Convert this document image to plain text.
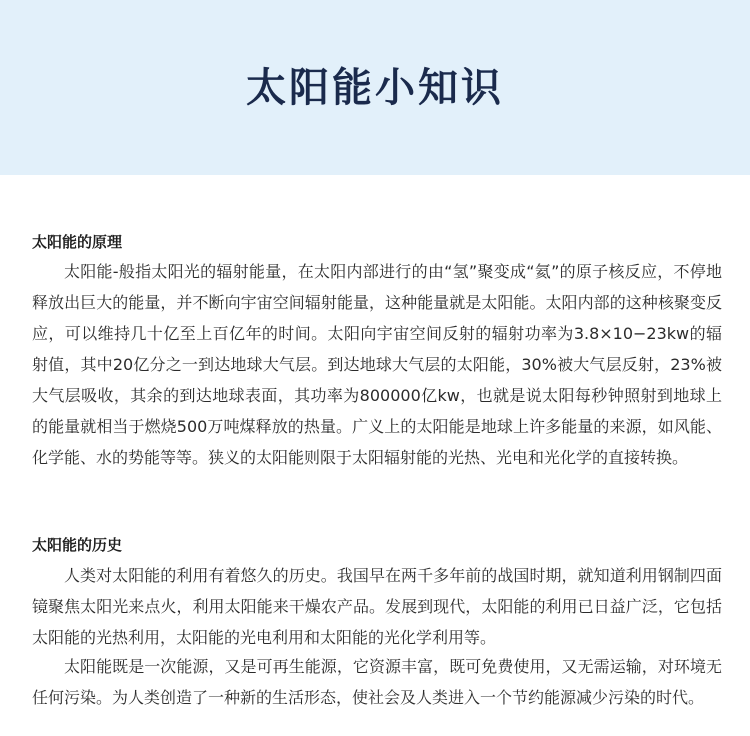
太阳能小知识
太阳能的原理

太阳能-般指太阳光的辐射能量，在太阳内部进行的由“氢”聚变成“氦”的原子核反应，不停地释放出巨大的能量，并不断向宇宙空间辐射能量，这种能量就是太阳能。太阳内部的这种核聚变反应，可以维持几十亿至上百亿年的时间。太阳向宇宙空间反射的辐射功率为3.8×10−23kw的辐射值，其中20亿分之一到达地球大气层。到达地球大气层的太阳能，30%被大气层反射，23%被大气层吸收，其余的到达地球表面，其功率为800000亿kw，也就是说太阳每秒钟照射到地球上的能量就相当于燃烧500万吨煤释放的热量。广义上的太阳能是地球上许多能量的来源，如风能、化学能、水的势能等等。狭义的太阳能则限于太阳辐射能的光热、光电和光化学的直接转换。

太阳能的历史

人类对太阳能的利用有着悠久的历史。我国早在两千多年前的战国时期，就知道利用钢制四面镜聚焦太阳光来点火，利用太阳能来干燥农产品。发展到现代，太阳能的利用已日益广泛，它包括太阳能的光热利用，太阳能的光电利用和太阳能的光化学利用等。

太阳能既是一次能源，又是可再生能源，它资源丰富，既可免费使用，又无需运输，对环境无任何污染。为人类创造了一种新的生活形态，使社会及人类进入一个节约能源减少污染的时代。
